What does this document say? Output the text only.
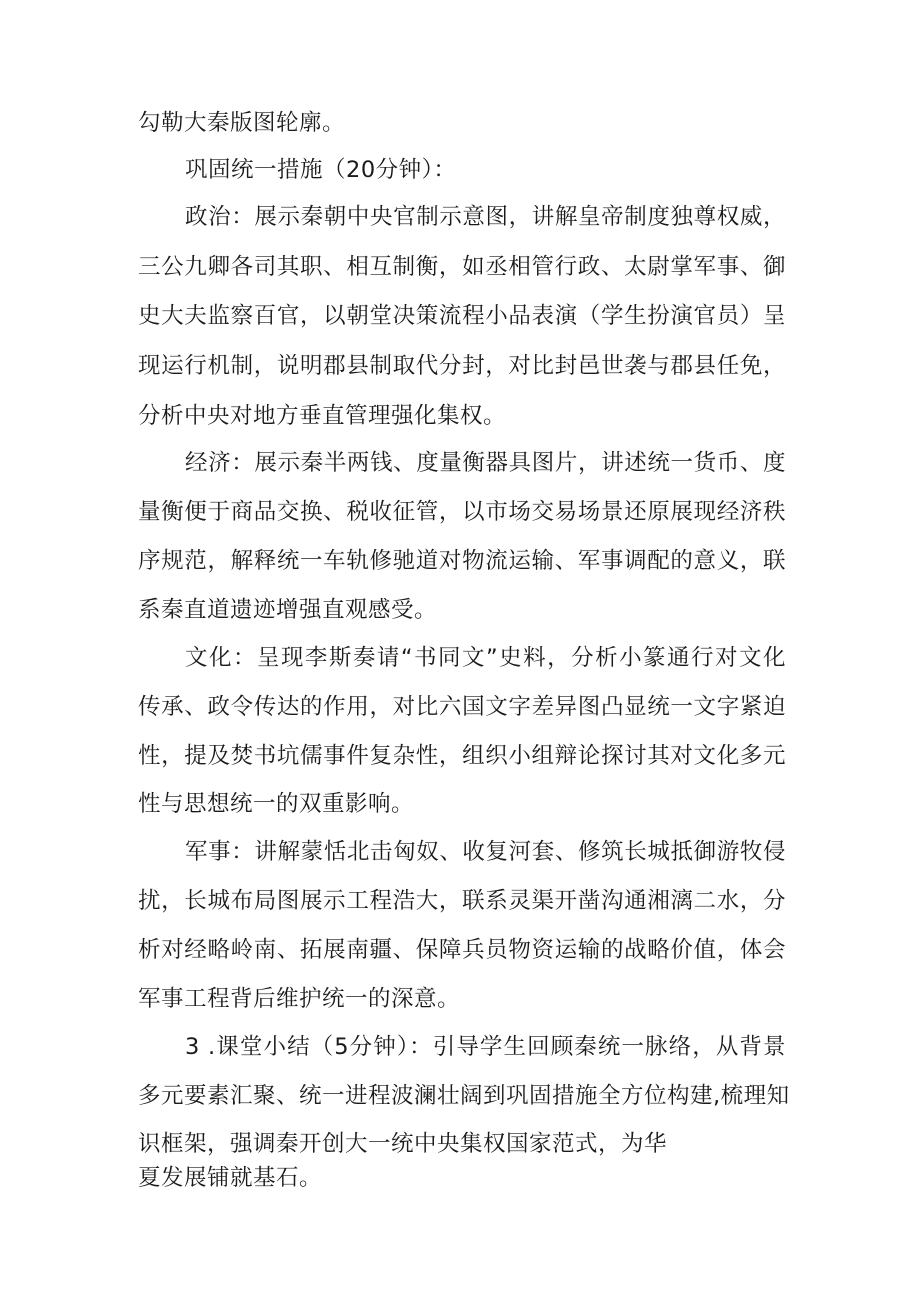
勾勒大秦版图轮廓。
巩固统一措施（20分钟）：
政治：展示秦朝中央官制示意图，讲解皇帝制度独尊权威，
三公九卿各司其职、相互制衡，如丞相管行政、太尉掌军事、御
史大夫监察百官，以朝堂决策流程小品表演（学生扮演官员）呈
现运行机制，说明郡县制取代分封，对比封邑世袭与郡县任免，
分析中央对地方垂直管理强化集权。
经济：展示秦半两钱、度量衡器具图片，讲述统一货币、度
量衡便于商品交换、税收征管，以市场交易场景还原展现经济秩
序规范，解释统一车轨修驰道对物流运输、军事调配的意义，联
系秦直道遗迹增强直观感受。
文化：呈现李斯奏请“书同文”史料，分析小篆通行对文化
传承、政令传达的作用，对比六国文字差异图凸显统一文字紧迫
性，提及焚书坑儒事件复杂性，组织小组辩论探讨其对文化多元
性与思想统一的双重影响。
军事：讲解蒙恬北击匈奴、收复河套、修筑长城抵御游牧侵
扰，长城布局图展示工程浩大，联系灵渠开凿沟通湘漓二水，分
析对经略岭南、拓展南疆、保障兵员物资运输的战略价值，体会
军事工程背后维护统一的深意。
3 .课堂小结（5分钟）：引导学生回顾秦统一脉络，从背景
多元要素汇聚、统一进程波澜壮阔到巩固措施全方位构建,梳理知
识框架，强调秦开创大一统中央集权国家范式，为华
夏发展铺就基石。
